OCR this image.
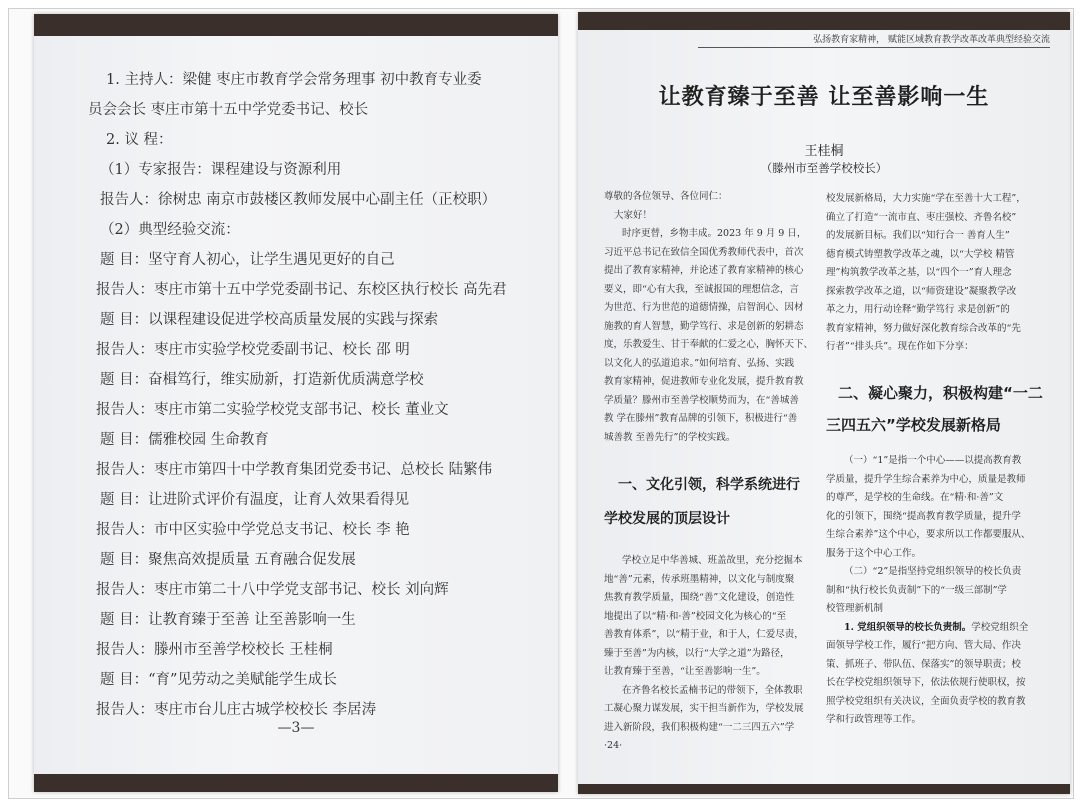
1. 主持人：梁健 枣庄市教育学会常务理事 初中教育专业委
员会会长 枣庄市第十五中学党委书记、校长
2. 议 程：
（1）专家报告：课程建设与资源利用
报告人：徐树忠 南京市鼓楼区教师发展中心副主任（正校职）
（2）典型经验交流：
题 目：坚守育人初心，让学生遇见更好的自己
报告人：枣庄市第十五中学党委副书记、东校区执行校长 高先君
题 目：以课程建设促进学校高质量发展的实践与探索
报告人：枣庄市实验学校党委副书记、校长 邵 明
题 目：奋楫笃行，维实励新，打造新优质满意学校
报告人：枣庄市第二实验学校党支部书记、校长 董业文
题 目：儒雅校园 生命教育
报告人：枣庄市第四十中学教育集团党委书记、总校长 陆繁伟
题 目：让进阶式评价有温度，让育人效果看得见
报告人：市中区实验中学党总支书记、校长 李 艳
题 目：聚焦高效提质量 五育融合促发展
报告人：枣庄市第二十八中学党支部书记、校长 刘向辉
题 目：让教育臻于至善 让至善影响一生
报告人：滕州市至善学校校长 王桂桐
题 目：“育”见劳动之美赋能学生成长
报告人：枣庄市台儿庄古城学校校长 李居涛
—3—
弘扬教育家精神， 赋能区域教育教学改革改革典型经验交流
让教育臻于至善 让至善影响一生
王桂桐
（滕州市至善学校校长）

尊敬的各位领导、各位同仁：

大家好！

时序更替，乡物丰成。2023 年 9 月 9 日，

习近平总书记在致信全国优秀教师代表中，首次

提出了教育家精神，并论述了教育家精神的核心

要义，即“心有大我，至诚报国的理想信念，言

为世范、行为世范的道德情操，启智润心、因材

施教的育人智慧，勤学笃行、求是创新的躬耕态

度，乐教爱生、甘于奉献的仁爱之心，胸怀天下、

以文化人的弘道追求。”如何培育、弘扬、实践

教育家精神，促进教师专业化发展，提升教育教

学质量？滕州市至善学校顺势而为，在“善城善

教 学在滕州”教育品牌的引领下，积极进行“善

城善教 至善先行”的学校实践。

一、文化引领，科学系统进行
学校发展的顶层设计

学校立足中华善城、班盖故里，充分挖掘本

地“善”元素，传承班墨精神，以文化与制度聚

焦教育教学质量，围绕“善”文化建设，创造性

地提出了以“精·和·善”校园文化为核心的“至

善教育体系”，以“精于业，和于人，仁爱尽责，

臻于至善”为内核，以行“大学之道”为路径，

让教育臻于至善，“让至善影响一生”。

在齐鲁名校长孟楠书记的带领下，全体教职

工凝心聚力谋发展，实干担当新作为，学校发展

进入新阶段，我们积极构建“一二三四五六”学

·24·

校发展新格局，大力实施“学在至善十大工程”，

确立了打造“一流市直、枣庄强校、齐鲁名校”

的发展新目标。我们以“知行合一 善育人生”

德育模式铸塑教学改革之魂，以“大学校 精管

理”构筑教学改革之基，以“四个一”育人理念

探索教学改革之道，以“师资建设”凝聚教学改

革之力，用行动诠释“勤学笃行 求是创新”的

教育家精神，努力做好深化教育综合改革的“先

行者”“排头兵”。现在作如下分享：

二、凝心聚力，积极构建“一二
三四五六”学校发展新格局

（一）“1”是指一个中心——以提高教育教

学质量，提升学生综合素养为中心，质量是教师

的尊严，是学校的生命线。在“精·和·善”文

化的引领下，围绕“提高教育教学质量，提升学

生综合素养”这个中心，要求所以工作都要服从、

服务于这个中心工作。

（二）“2”是指坚持党组织领导的校长负责

制和“执行校长负责制”下的“一级三部制”学

校管理新机制

1. 党组织领导的校长负责制。学校党组织全

面领导学校工作，履行“把方向、管大局、作决

策、抓班子、带队伍、保落实”的领导职责；校

长在学校党组织领导下，依法依规行使职权，按

照学校党组织有关决议，全面负责学校的教育教

学和行政管理等工作。
